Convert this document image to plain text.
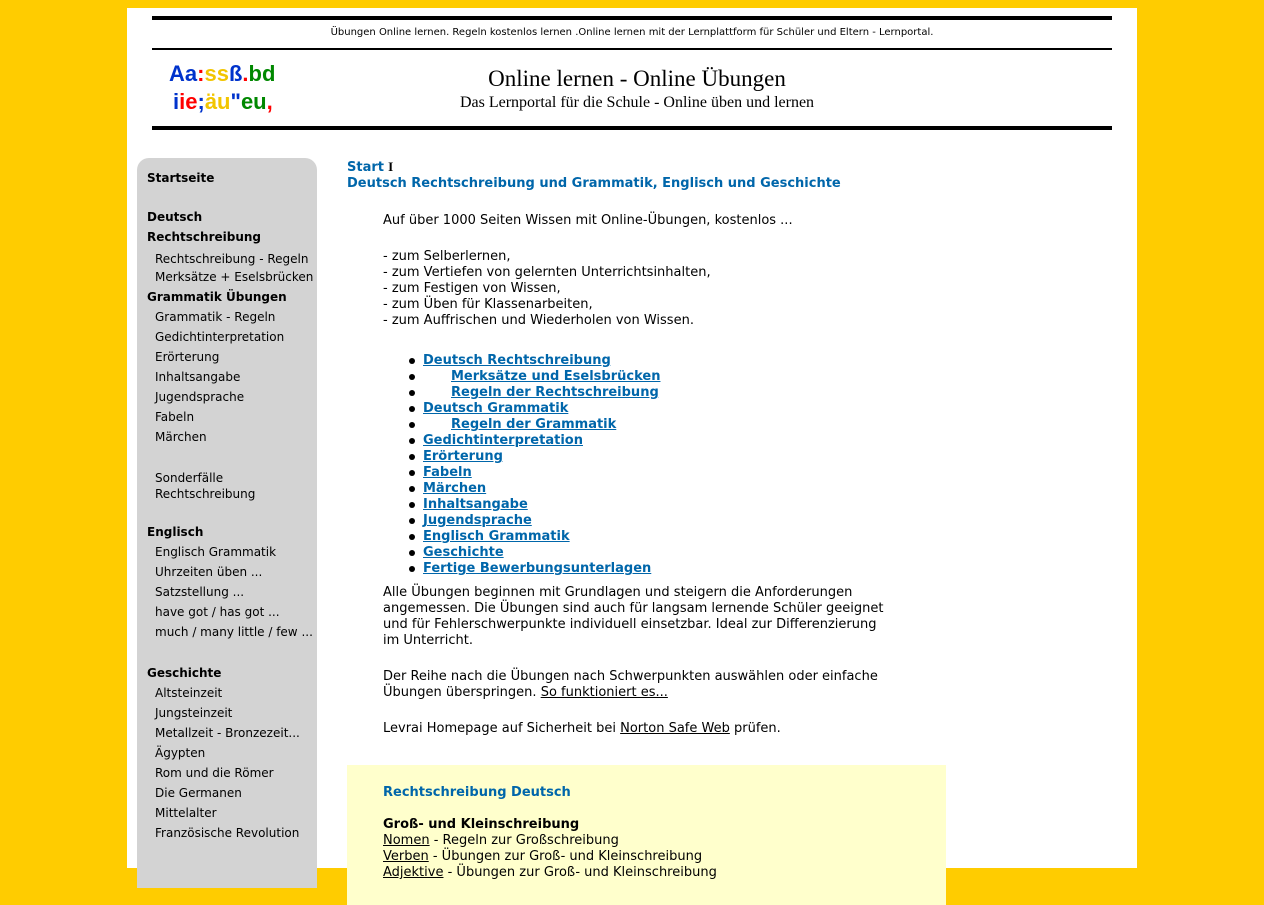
Übungen Online lernen. Regeln kostenlos lernen .Online lernen mit der Lernplattform für Schüler und Eltern - Lernportal.
Aa:ssß.bd
iie;äu"eu,
Online lernen - Online Übungen
Das Lernportal für die Schule - Online üben und lernen
Startseite
Deutsch
Rechtschreibung
Rechtschreibung - Regeln
Merksätze + Eselsbrücken
Grammatik Übungen
Grammatik - Regeln
Gedichtinterpretation
Erörterung
Inhaltsangabe
Jugendsprache
Fabeln
Märchen
Sonderfälle
Rechtschreibung
Englisch
Englisch Grammatik
Uhrzeiten üben ...
Satzstellung ...
have got / has got ...
much / many little / few ...
Geschichte
Altsteinzeit
Jungsteinzeit
Metallzeit - Bronzezeit...
Ägypten
Rom und die Römer
Die Germanen
Mittelalter
Französische Revolution
Start I
Deutsch Rechtschreibung und Grammatik, Englisch und Geschichte
Auf über 1000 Seiten Wissen mit Online-Übungen, kostenlos ...
- zum Selberlernen,
- zum Vertiefen von gelernten Unterrichtsinhalten,
- zum Festigen von Wissen,
- zum Üben für Klassenarbeiten,
- zum Auffrischen und Wiederholen von Wissen.
Deutsch Rechtschreibung
Merksätze und Eselsbrücken
Regeln der Rechtschreibung
Deutsch Grammatik
Regeln der Grammatik
Gedichtinterpretation
Erörterung
Fabeln
Märchen
Inhaltsangabe
Jugendsprache
Englisch Grammatik
Geschichte
Fertige Bewerbungsunterlagen
Alle Übungen beginnen mit Grundlagen und steigern die Anforderungen
angemessen. Die Übungen sind auch für langsam lernende Schüler geeignet
und für Fehlerschwerpunkte individuell einsetzbar. Ideal zur Differenzierung
im Unterricht.
Der Reihe nach die Übungen nach Schwerpunkten auswählen oder einfache
Übungen überspringen. So funktioniert es...
Levrai Homepage auf Sicherheit bei Norton Safe Web prüfen.
Rechtschreibung Deutsch
Groß- und Kleinschreibung
Nomen - Regeln zur Großschreibung
Verben - Übungen zur Groß- und Kleinschreibung
Adjektive - Übungen zur Groß- und Kleinschreibung
